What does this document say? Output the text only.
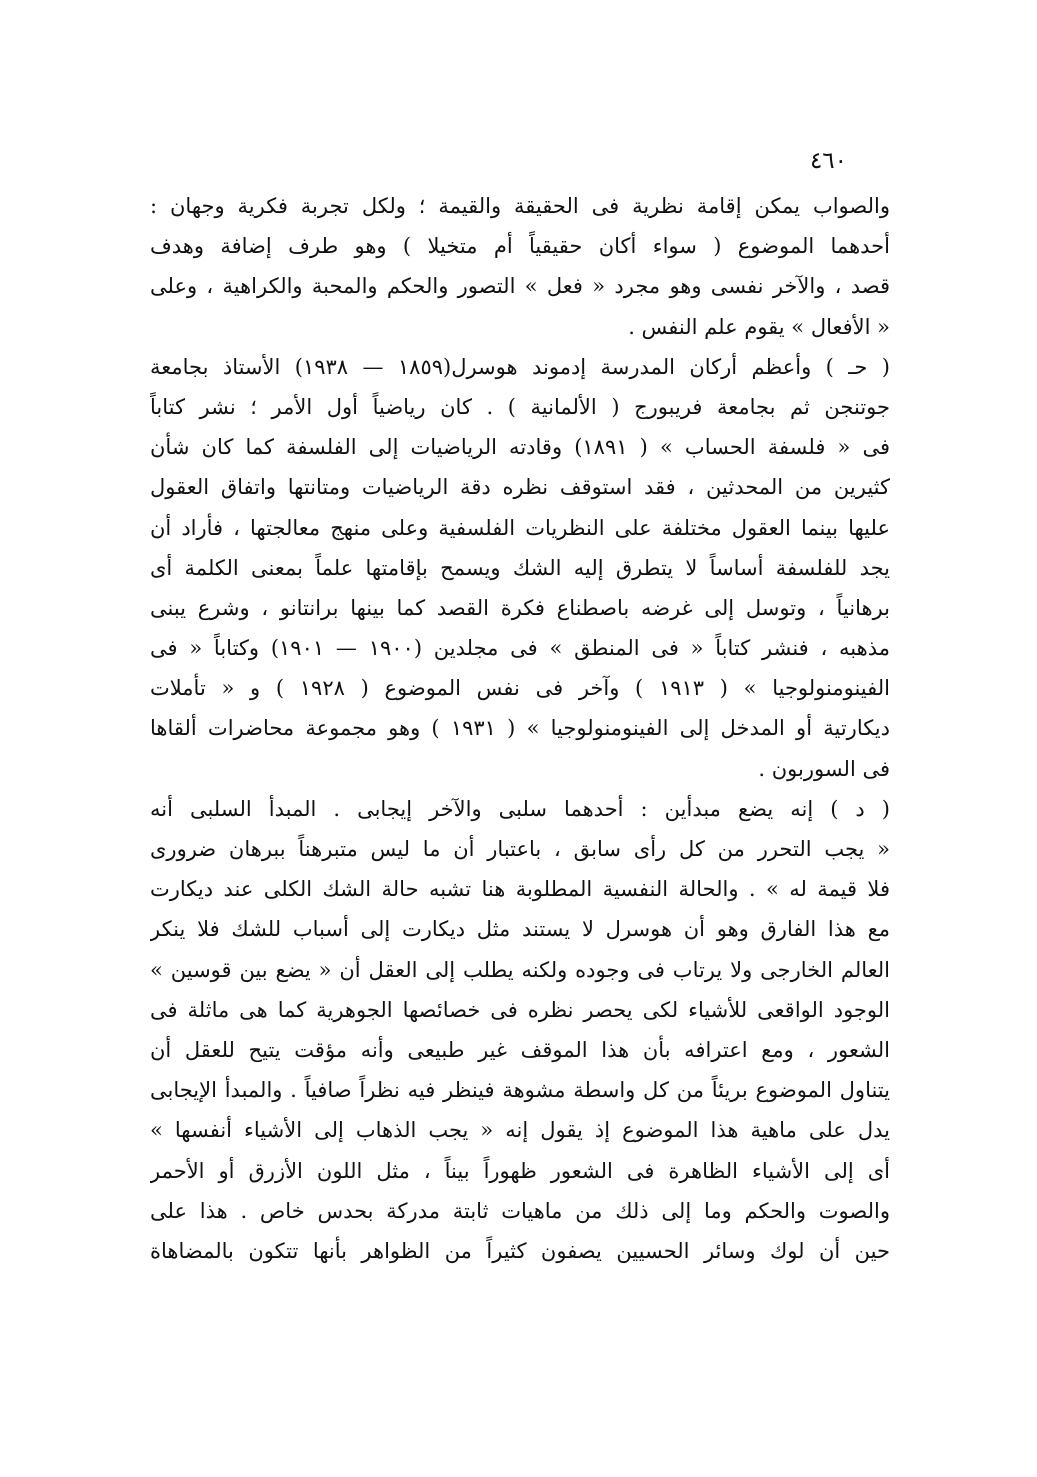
٤٦٠
والصواب يمكن إقامة نظرية فى الحقيقة والقيمة ؛ ولكل تجربة فكرية وجهان :
أحدهما الموضوع ( سواء أكان حقيقياً أم متخيلا ) وهو طرف إضافة وهدف
قصد ، والآخر نفسى وهو مجرد « فعل » التصور والحكم والمحبة والكراهية ، وعلى
« الأفعال » يقوم علم النفس .
( حـ ) وأعظم أركان المدرسة إدموند هوسرل(١٨٥٩ — ١٩٣٨) الأستاذ بجامعة
جوتنجن ثم بجامعة فريبورج ( الألمانية ) . كان رياضياً أول الأمر ؛ نشر كتاباً
فى « فلسفة الحساب » ( ١٨٩١) وقادته الرياضيات إلى الفلسفة كما كان شأن
كثيرين من المحدثين ، فقد استوقف نظره دقة الرياضيات ومتانتها واتفاق العقول
عليها بينما العقول مختلفة على النظريات الفلسفية وعلى منهج معالجتها ، فأراد أن
يجد للفلسفة أساساً لا يتطرق إليه الشك ويسمح بإقامتها علماً بمعنى الكلمة أى
برهانياً ، وتوسل إلى غرضه باصطناع فكرة القصد كما بينها برانتانو ، وشرع يبنى
مذهبه ، فنشر كتاباً « فى المنطق » فى مجلدين (١٩٠٠ — ١٩٠١) وكتاباً « فى
الفينومنولوجيا » ( ١٩١٣ ) وآخر فى نفس الموضوع ( ١٩٢٨ ) و « تأملات
ديكارتية أو المدخل إلى الفينومنولوجيا » ( ١٩٣١ ) وهو مجموعة محاضرات ألقاها
فى السوربون .
( د ) إنه يضع مبدأين : أحدهما سلبى والآخر إيجابى . المبدأ السلبى أنه
« يجب التحرر من كل رأى سابق ، باعتبار أن ما ليس متبرهناً ببرهان ضرورى
فلا قيمة له » . والحالة النفسية المطلوبة هنا تشبه حالة الشك الكلى عند ديكارت
مع هذا الفارق وهو أن هوسرل لا يستند مثل ديكارت إلى أسباب للشك فلا ينكر
العالم الخارجى ولا يرتاب فى وجوده ولكنه يطلب إلى العقل أن « يضع بين قوسين »
الوجود الواقعى للأشياء لكى يحصر نظره فى خصائصها الجوهرية كما هى ماثلة فى
الشعور ، ومع اعترافه بأن هذا الموقف غير طبيعى وأنه مؤقت يتيح للعقل أن
يتناول الموضوع بريئاً من كل واسطة مشوهة فينظر فيه نظراً صافياً . والمبدأ الإيجابى
يدل على ماهية هذا الموضوع إذ يقول إنه « يجب الذهاب إلى الأشياء أنفسها »
أى إلى الأشياء الظاهرة فى الشعور ظهوراً بيناً ، مثل اللون الأزرق أو الأحمر
والصوت والحكم وما إلى ذلك من ماهيات ثابتة مدركة بحدس خاص . هذا على
حين أن لوك وسائر الحسيين يصفون كثيراً من الظواهر بأنها تتكون بالمضاهاة
